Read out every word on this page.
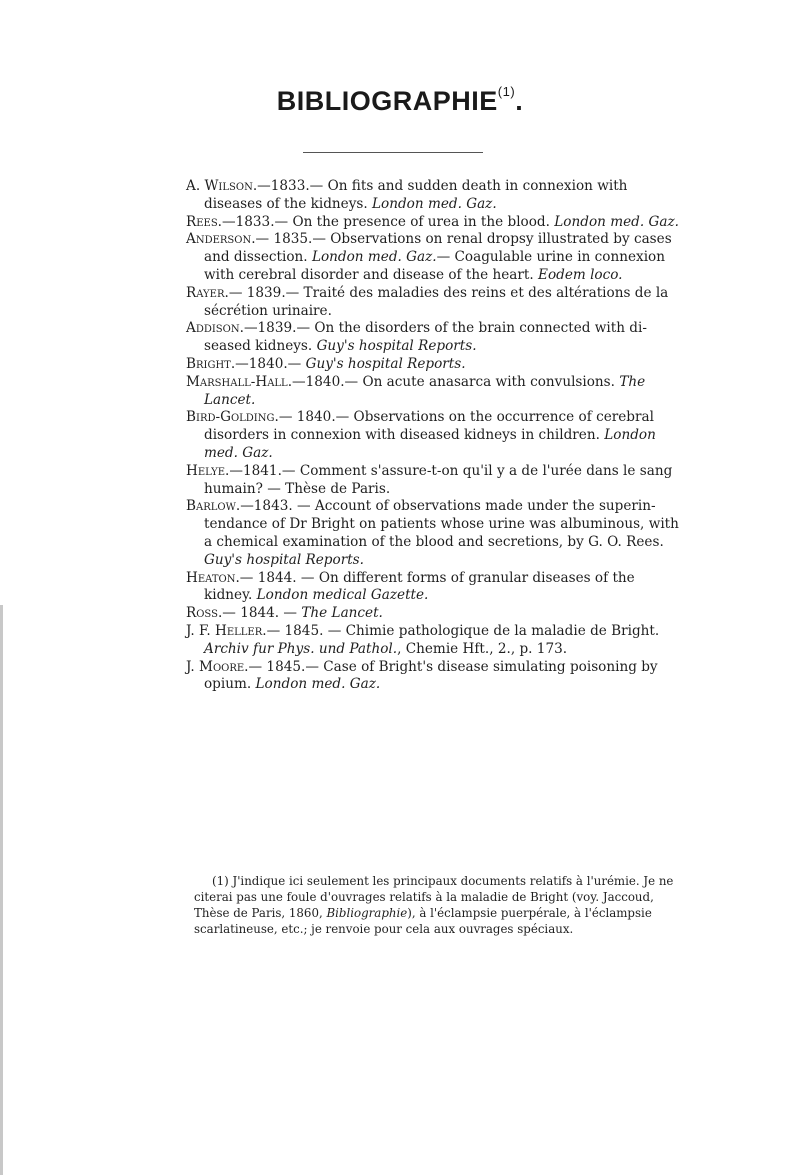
BIBLIOGRAPHIE$^{(1)}$.

A. Wilson.—1833.— On fits and sudden death in connexion with diseases of the kidneys. London med. Gaz.

Rees.—1833.— On the presence of urea in the blood. London med. Gaz.

Anderson.— 1835.— Observations on renal dropsy illustrated by cases and dissection. London med. Gaz.— Coagulable urine in connexion with cerebral disorder and disease of the heart. Eodem loco.

Rayer.— 1839.— Traité des maladies des reins et des altérations de la sécrétion urinaire.

Addison.—1839.— On the disorders of the brain connected with di-seased kidneys. Guy's hospital Reports.

Bright.—1840.— Guy's hospital Reports.

Marshall-Hall.—1840.— On acute anasarca with convulsions. The Lancet.

Bird-Golding.— 1840.— Observations on the occurrence of cerebral disorders in connexion with diseased kidneys in children. London med. Gaz.

Helye.—1841.— Comment s'assure-t-on qu'il y a de l'urée dans le sang humain? — Thèse de Paris.

Barlow.—1843. — Account of observations made under the superin-tendance of Dr Bright on patients whose urine was albuminous, with a chemical examination of the blood and secretions, by G. O. Rees. Guy's hospital Reports.

Heaton.— 1844. — On different forms of granular diseases of the kidney. London medical Gazette.

Ross.— 1844. — The Lancet.

J. F. Heller.— 1845. — Chimie pathologique de la maladie de Bright. Archiv fur Phys. und Pathol., Chemie Hft., 2., p. 173.

J. Moore.— 1845.— Case of Bright's disease simulating poisoning by opium. London med. Gaz.

(1) J'indique ici seulement les principaux documents relatifs à l'urémie. Je ne citerai pas une foule d'ouvrages relatifs à la maladie de Bright (voy. Jaccoud, Thèse de Paris, 1860, Bibliographie), à l'éclampsie puerpérale, à l'éclampsie scarlatineuse, etc.; je renvoie pour cela aux ouvrages spéciaux.
